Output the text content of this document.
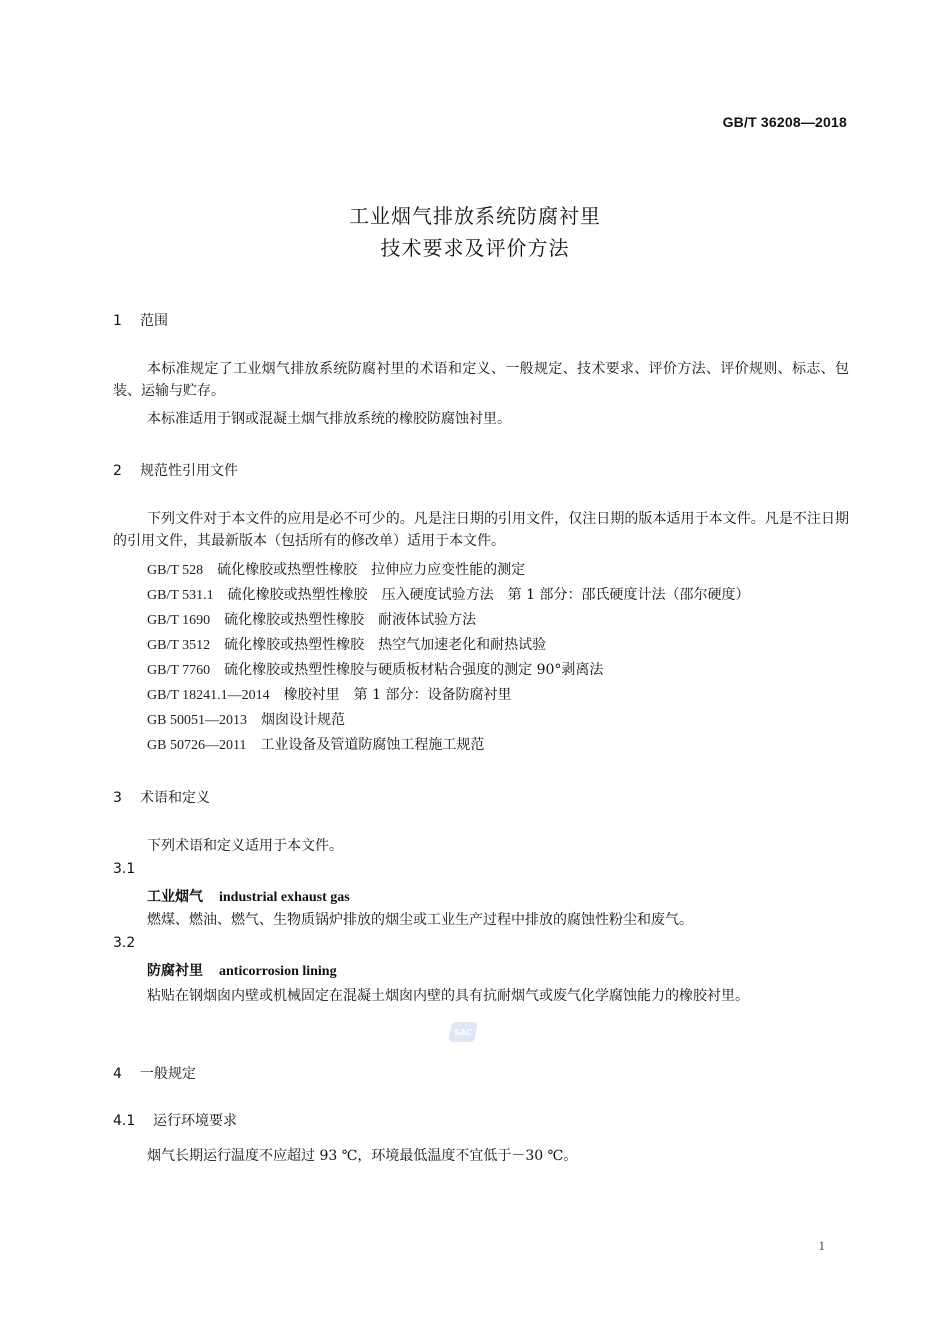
GB/T 36208—2018
工业烟气排放系统防腐衬里
技术要求及评价方法
1 范围
本标准规定了工业烟气排放系统防腐衬里的术语和定义、一般规定、技术要求、评价方法、评价规则、标志、包装、运输与贮存。
本标准适用于钢或混凝土烟气排放系统的橡胶防腐蚀衬里。
2 规范性引用文件
下列文件对于本文件的应用是必不可少的。凡是注日期的引用文件，仅注日期的版本适用于本文件。凡是不注日期的引用文件，其最新版本（包括所有的修改单）适用于本文件。
GB/T 528 硫化橡胶或热塑性橡胶　拉伸应力应变性能的测定
GB/T 531.1 硫化橡胶或热塑性橡胶　压入硬度试验方法　第 1 部分：邵氏硬度计法（邵尔硬度）
GB/T 1690 硫化橡胶或热塑性橡胶　耐液体试验方法
GB/T 3512 硫化橡胶或热塑性橡胶　热空气加速老化和耐热试验
GB/T 7760 硫化橡胶或热塑性橡胶与硬质板材粘合强度的测定 90°剥离法
GB/T 18241.1—2014 橡胶衬里　第 1 部分：设备防腐衬里
GB 50051—2013 烟囱设计规范
GB 50726—2011 工业设备及管道防腐蚀工程施工规范
3 术语和定义
下列术语和定义适用于本文件。
3.1
工业烟气 industrial exhaust gas
燃煤、燃油、燃气、生物质锅炉排放的烟尘或工业生产过程中排放的腐蚀性粉尘和废气。
3.2
防腐衬里 anticorrosion lining
粘贴在钢烟囱内壁或机械固定在混凝土烟囱内壁的具有抗耐烟气或废气化学腐蚀能力的橡胶衬里。
SAC
4 一般规定
4.1 运行环境要求
烟气长期运行温度不应超过 93 ℃，环境最低温度不宜低于－30 ℃。
1
